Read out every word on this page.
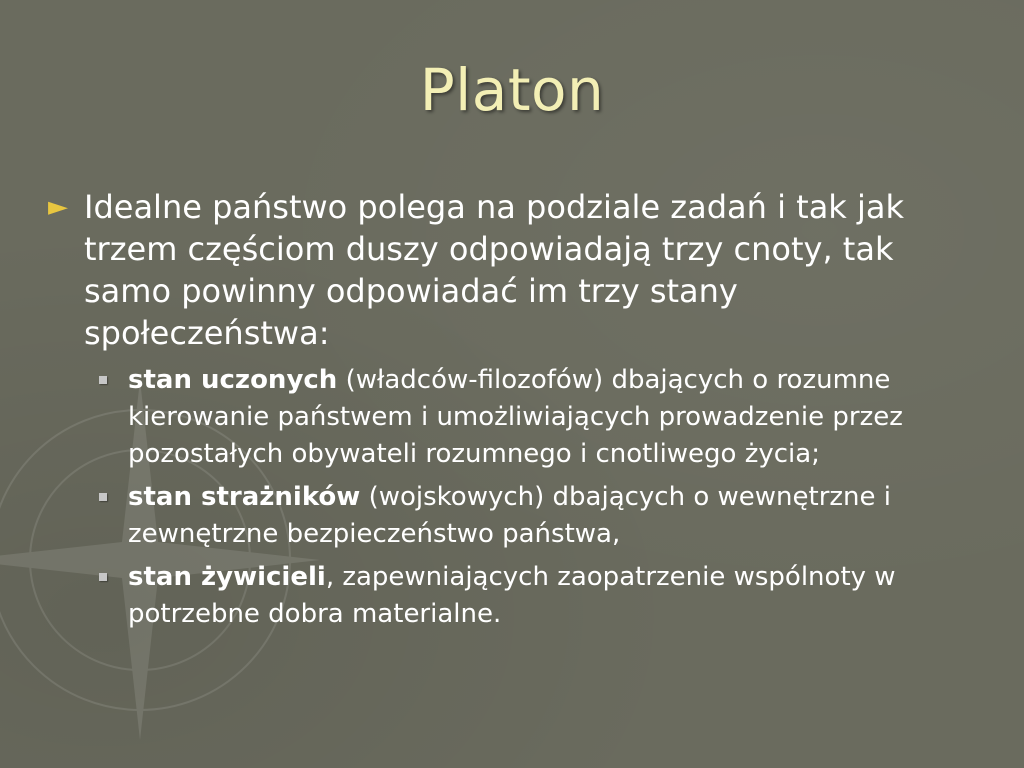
Platon
► Idealne państwo polega na podziale zadań i tak jak trzem częściom duszy odpowiadają trzy cnoty, tak samo powinny odpowiadać im trzy stany społeczeństwa:
stan uczonych (władców-filozofów) dbających o rozumne kierowanie państwem i umożliwiających prowadzenie przez pozostałych obywateli rozumnego i cnotliwego życia;
stan strażników (wojskowych) dbających o wewnętrzne i zewnętrzne bezpieczeństwo państwa,
stan żywicieli, zapewniających zaopatrzenie wspólnoty w potrzebne dobra materialne.
